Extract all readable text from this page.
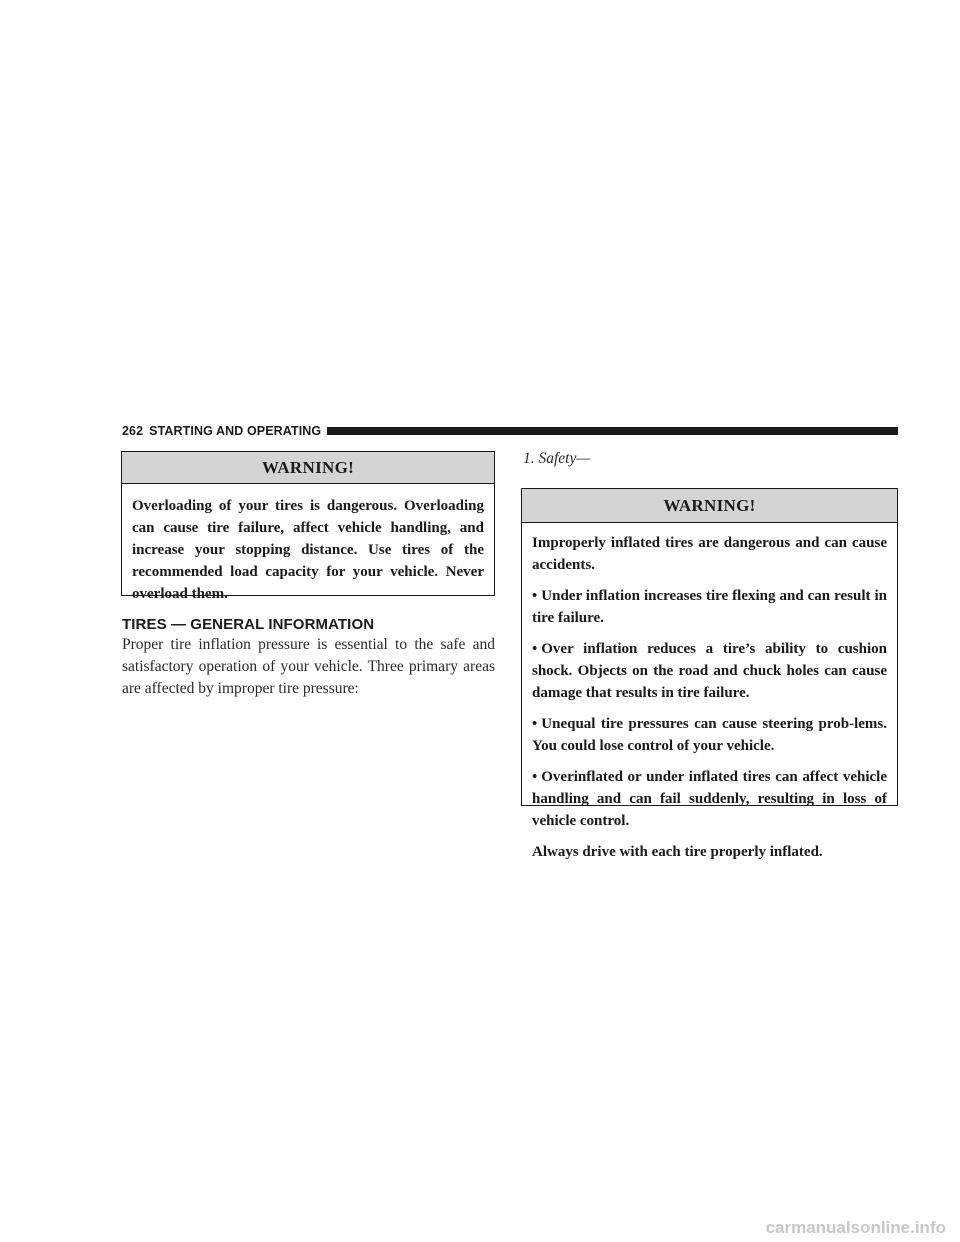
262 STARTING AND OPERATING
WARNING!

Overloading of your tires is dangerous. Overloading can cause tire failure, affect vehicle handling, and increase your stopping distance. Use tires of the recommended load capacity for your vehicle. Never overload them.

TIRES — GENERAL INFORMATION

Proper tire inflation pressure is essential to the safe and satisfactory operation of your vehicle. Three primary areas are affected by improper tire pressure:

1. Safety—

WARNING!

Improperly inflated tires are dangerous and can cause accidents.

• Under inflation increases tire flexing and can result in tire failure.

• Over inflation reduces a tire’s ability to cushion shock. Objects on the road and chuck holes can cause damage that results in tire failure.

• Unequal tire pressures can cause steering prob-lems. You could lose control of your vehicle.

• Overinflated or under inflated tires can affect vehicle handling and can fail suddenly, resulting in loss of vehicle control.

Always drive with each tire properly inflated.

carmanualsonline.info
